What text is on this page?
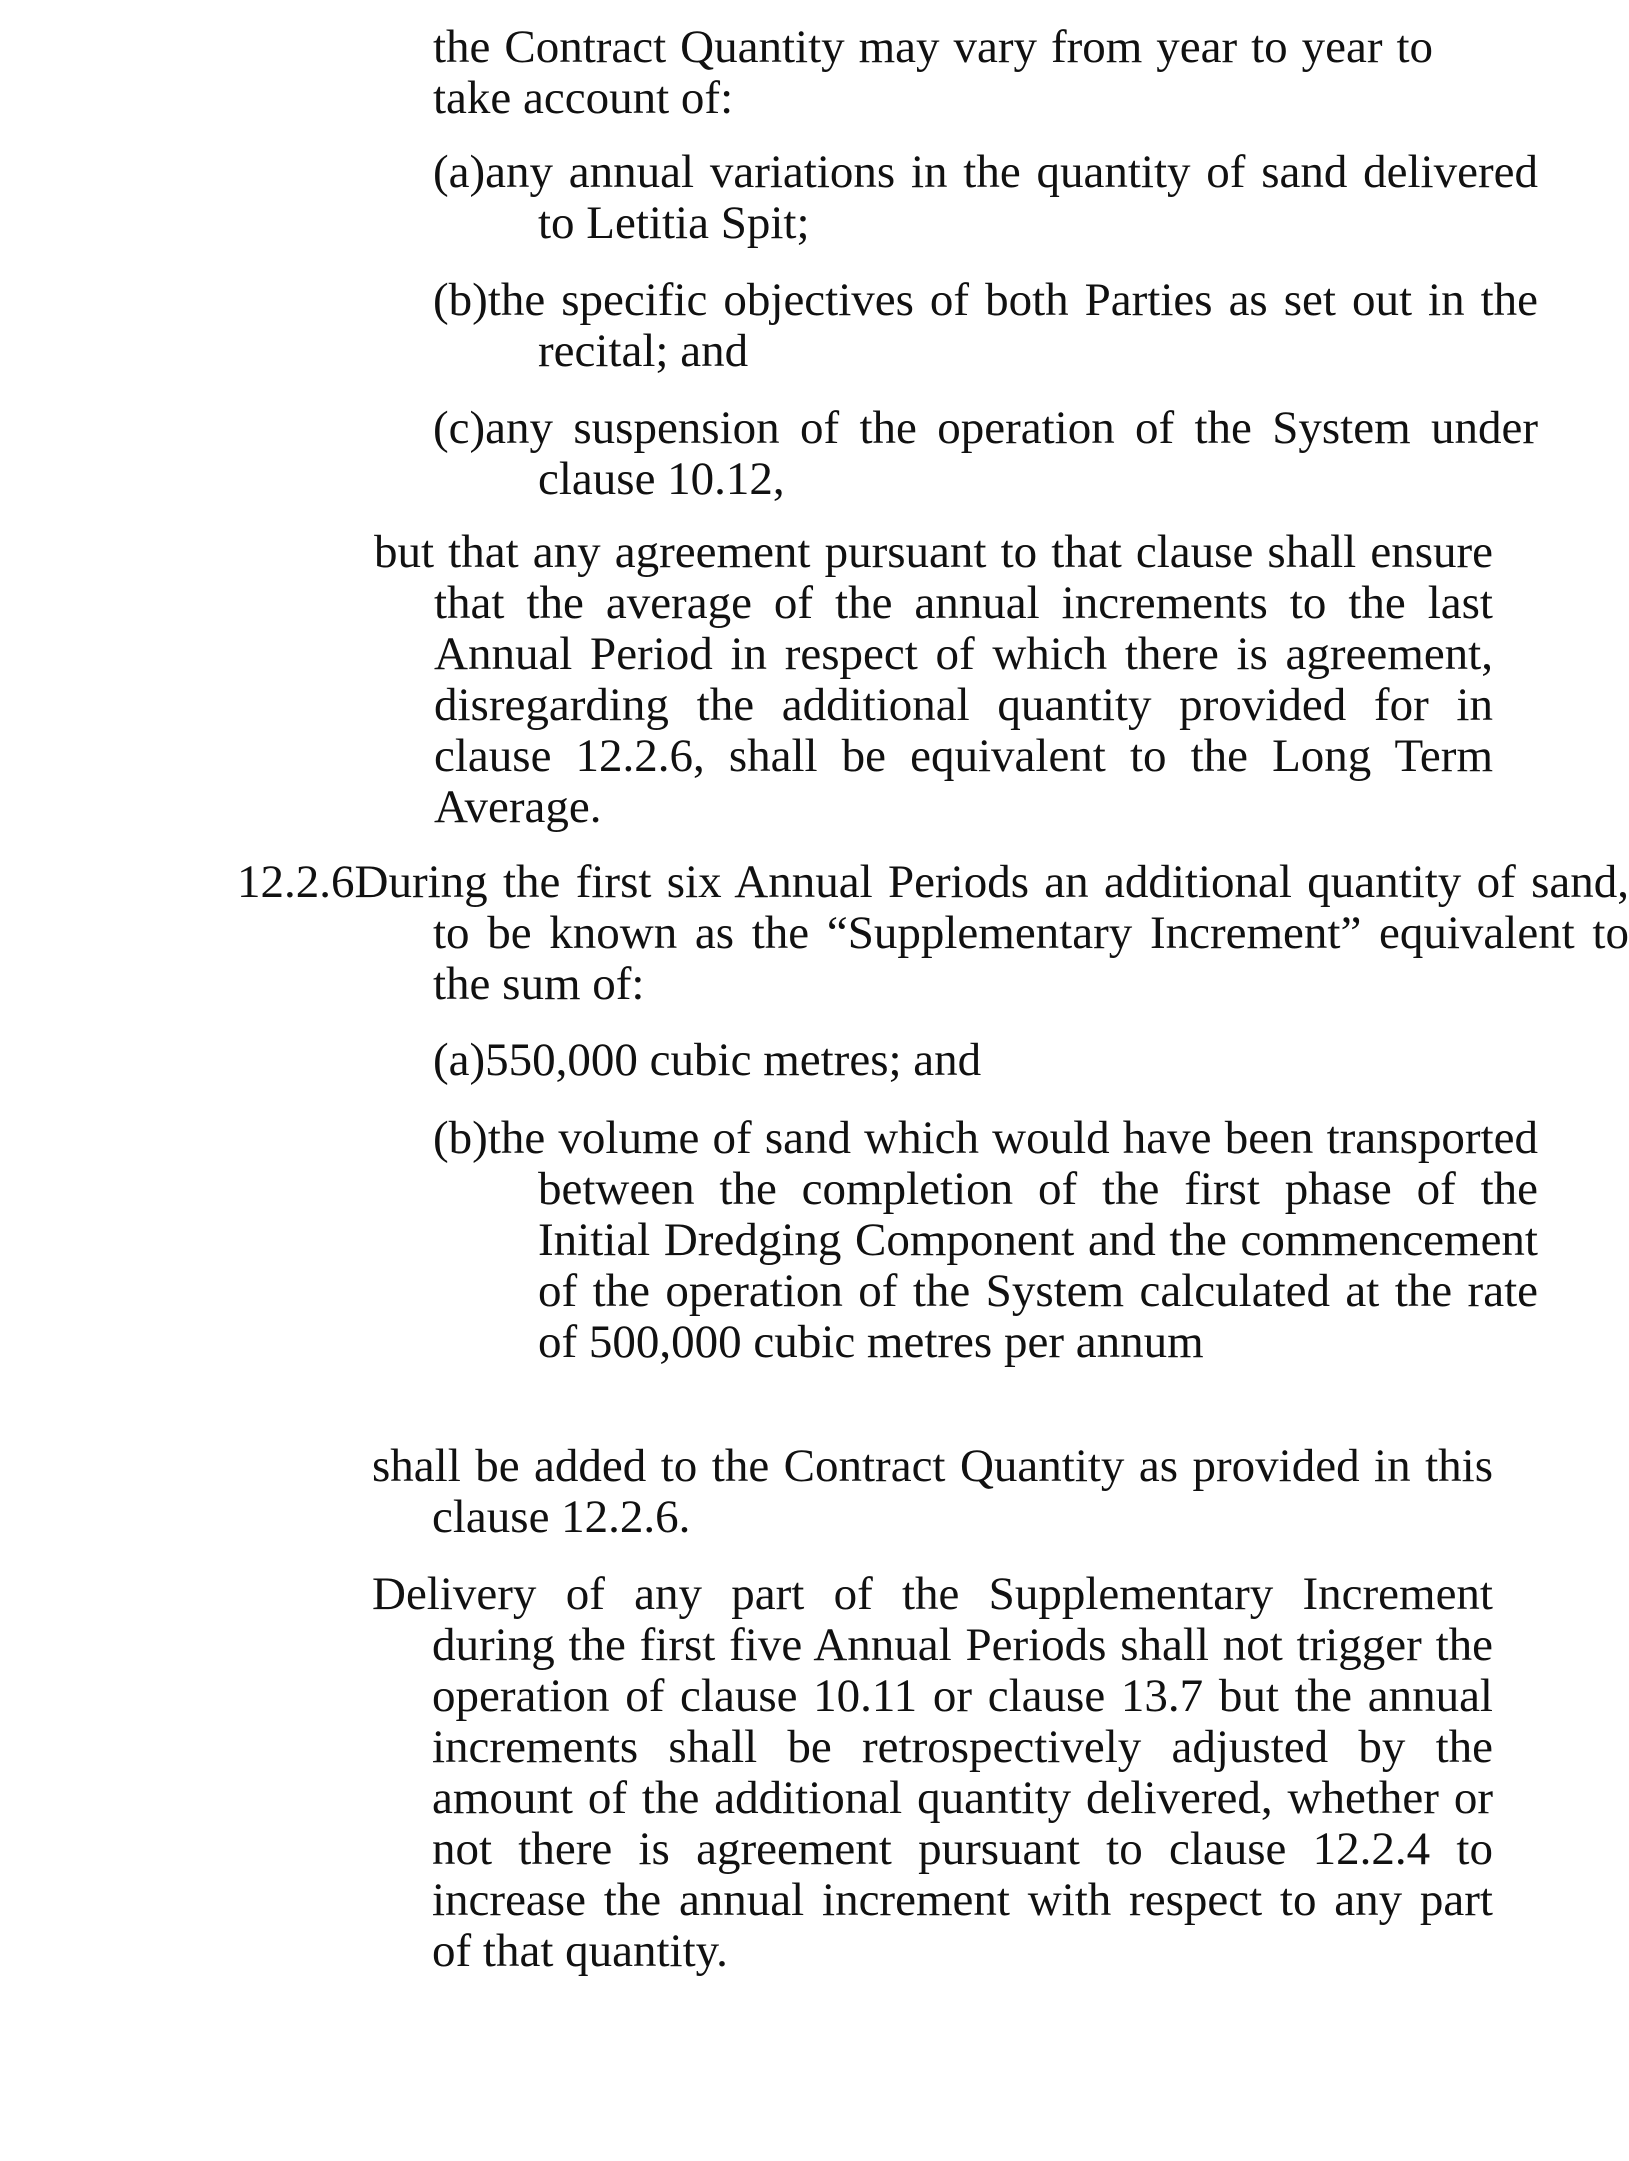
the Contract Quantity may vary from year to year to take account of:
(a)any annual variations in the quantity of sand delivered to Letitia Spit;
(b)the specific objectives of both Parties as set out in the recital; and
(c)any suspension of the operation of the System under clause 10.12,
but that any agreement pursuant to that clause shall ensure that the average of the annual increments to the last Annual Period in respect of which there is agreement, disregarding the additional quantity provided for in clause 12.2.6, shall be equivalent to the Long Term Average.
12.2.6During the first six Annual Periods an additional quantity of sand, to be known as the “Supplementary Increment” equivalent to the sum of:
(a)550,000 cubic metres; and
(b)the volume of sand which would have been transported between the completion of the first phase of the Initial Dredging Component and the commencement of the operation of the System calculated at the rate of 500,000 cubic metres per annum
shall be added to the Contract Quantity as provided in this clause 12.2.6.
Delivery of any part of the Supplementary Increment during the first five Annual Periods shall not trigger the operation of clause 10.11 or clause 13.7 but the annual increments shall be retrospectively adjusted by the amount of the additional quantity delivered, whether or not there is agreement pursuant to clause 12.2.4 to increase the annual increment with respect to any part of that quantity.
